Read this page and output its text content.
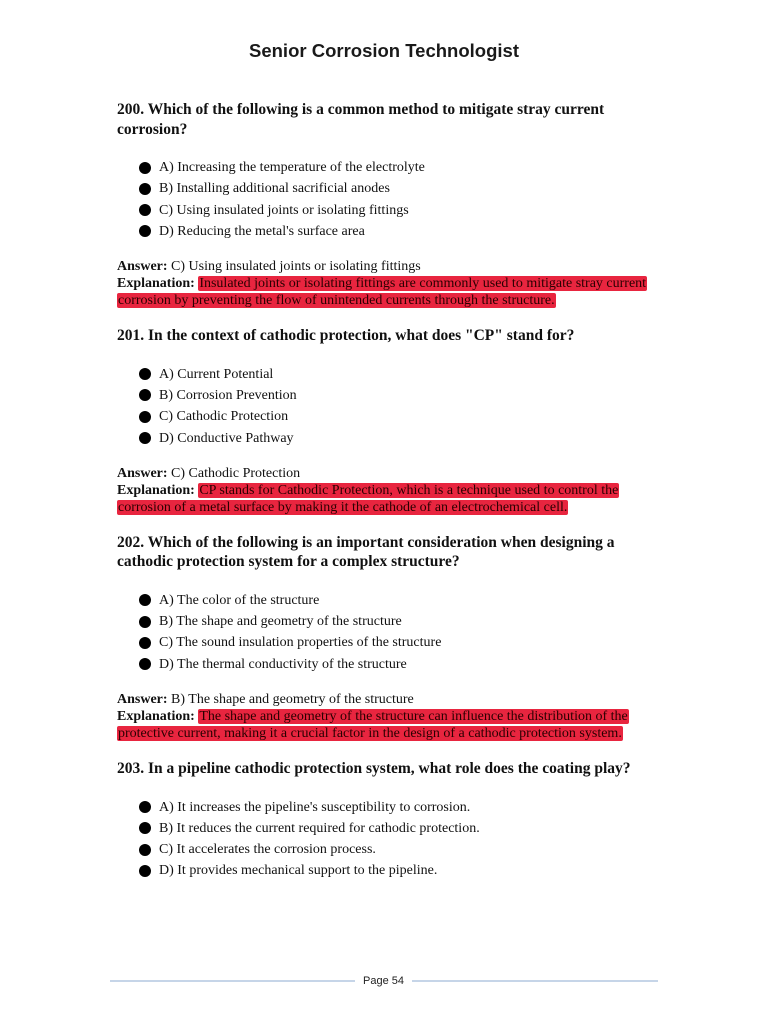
Senior Corrosion Technologist

200. Which of the following is a common method to mitigate stray current corrosion?

A) Increasing the temperature of the electrolyte
B) Installing additional sacrificial anodes
C) Using insulated joints or isolating fittings
D) Reducing the metal's surface area

Answer: C) Using insulated joints or isolating fittings

Explanation: Insulated joints or isolating fittings are commonly used to mitigate stray current corrosion by preventing the flow of unintended currents through the structure.

201. In the context of cathodic protection, what does "CP" stand for?

A) Current Potential
B) Corrosion Prevention
C) Cathodic Protection
D) Conductive Pathway

Answer: C) Cathodic Protection

Explanation: CP stands for Cathodic Protection, which is a technique used to control the corrosion of a metal surface by making it the cathode of an electrochemical cell.

202. Which of the following is an important consideration when designing a cathodic protection system for a complex structure?

A) The color of the structure
B) The shape and geometry of the structure
C) The sound insulation properties of the structure
D) The thermal conductivity of the structure

Answer: B) The shape and geometry of the structure

Explanation: The shape and geometry of the structure can influence the distribution of the protective current, making it a crucial factor in the design of a cathodic protection system.

203. In a pipeline cathodic protection system, what role does the coating play?

A) It increases the pipeline's susceptibility to corrosion.
B) It reduces the current required for cathodic protection.
C) It accelerates the corrosion process.
D) It provides mechanical support to the pipeline.
Page 54
